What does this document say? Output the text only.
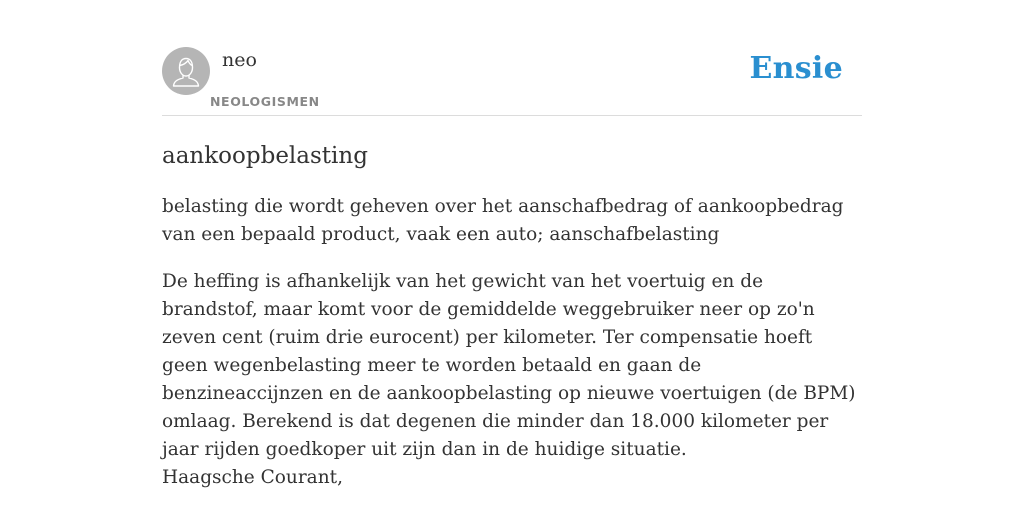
neo
NEOLOGISMEN
Ensie
aankoopbelasting
belasting die wordt geheven over het aanschafbedrag of aankoopbedrag van een bepaald product, vaak een auto; aanschafbelasting
De heffing is afhankelijk van het gewicht van het voertuig en de brandstof, maar komt voor de gemiddelde weggebruiker neer op zo'n zeven cent (ruim drie eurocent) per kilometer. Ter compensatie hoeft geen wegenbelasting meer te worden betaald en gaan de benzineaccijnzen en de aankoopbelasting op nieuwe voertuigen (de BPM) omlaag. Berekend is dat degenen die minder dan 18.000 kilometer per jaar rijden goedkoper uit zijn dan in de huidige situatie.
Haagsche Courant,
